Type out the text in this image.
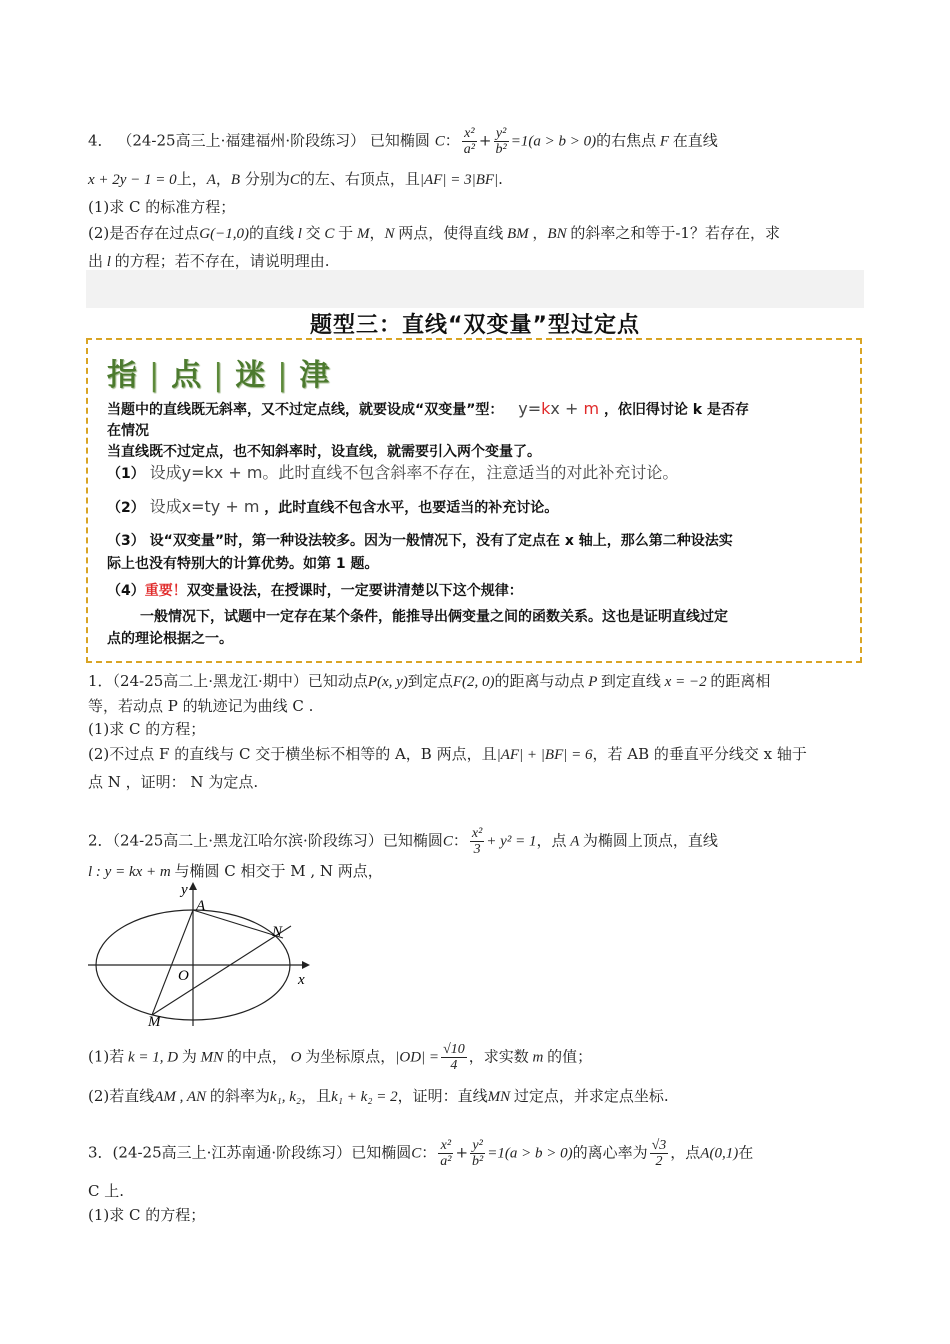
4． （24-25高三上·福建福州·阶段练习） 已知椭圆 C： $\frac{\text{x²}}{\text{a²}} + \frac{\text{y²}}{\text{b²}} =1(a > b > 0)$的右焦点 F 在直线
x + 2y − 1 = 0上，A，B 分别为C的左、右顶点，且|AF| = 3|BF|.
(1)求 C 的标准方程；
(2)是否存在过点G(−1,0)的直线 l 交 C 于 M，N 两点，使得直线 BM ，BN 的斜率之和等于-1？若存在，求
出 l 的方程；若不存在，请说明理由.
题型三：直线“双变量”型过定点
指 | 点 | 迷 | 津
当题中的直线既无斜率，又不过定点线，就要设成“双变量”型： y=kx + m ，依旧得讨论 k 是否存
在情况
当直线既不过定点，也不知斜率时，设直线，就需要引入两个变量了。
（1） 设成y=kx + m。此时直线不包含斜率不存在，注意适当的对此补充讨论。
（2） 设成x=ty + m ，此时直线不包含水平，也要适当的补充讨论。
（3） 设“双变量”时，第一种设法较多。因为一般情况下，没有了定点在 x 轴上，那么第二种设法实
际上也没有特别大的计算优势。如第 1 题。
（4）重要！双变量设法，在授课时，一定要讲清楚以下这个规律：
一般情况下，试题中一定存在某个条件，能推导出俩变量之间的函数关系。这也是证明直线过定
点的理论根据之一。
1．（24-25高二上·黑龙江·期中）已知动点P(x, y)到定点F(2, 0)的距离与动点 P 到定直线 x = −2 的距离相
等，若动点 P 的轨迹记为曲线 C .
(1)求 C 的方程；
(2)不过点 F 的直线与 C 交于横坐标不相等的 A，B 两点，且|AF| + |BF| = 6，若 AB 的垂直平分线交 x 轴于
点 N ，证明： N 为定点.
2．（24-25高二上·黑龙江哈尔滨·阶段练习）已知椭圆C： $\frac{\text{x²}}{3} + y^2 = 1$，点 A 为椭圆上顶点，直线
l : y = kx + m 与椭圆 C 相交于 M , N 两点，
y
x
O
A
N
M
(1)若 k = 1, D 为 MN 的中点， O 为坐标原点，$|OD| = \frac{√10}{4}$ ，求实数 m 的值；
(2)若直线AM , AN 的斜率为k₁, k₂，且k₁ + k₂ = 2，证明：直线MN 过定点，并求定点坐标.
3．(24-25高三上·江苏南通·阶段练习）已知椭圆C： $\frac{\text{x²}}{\text{a²}} + \frac{\text{y²}}{\text{b²}} =1(a > b > 0)$的离心率为 $\frac{√3}{2}$ ，点A(0,1)在
C 上.
(1)求 C 的方程；
